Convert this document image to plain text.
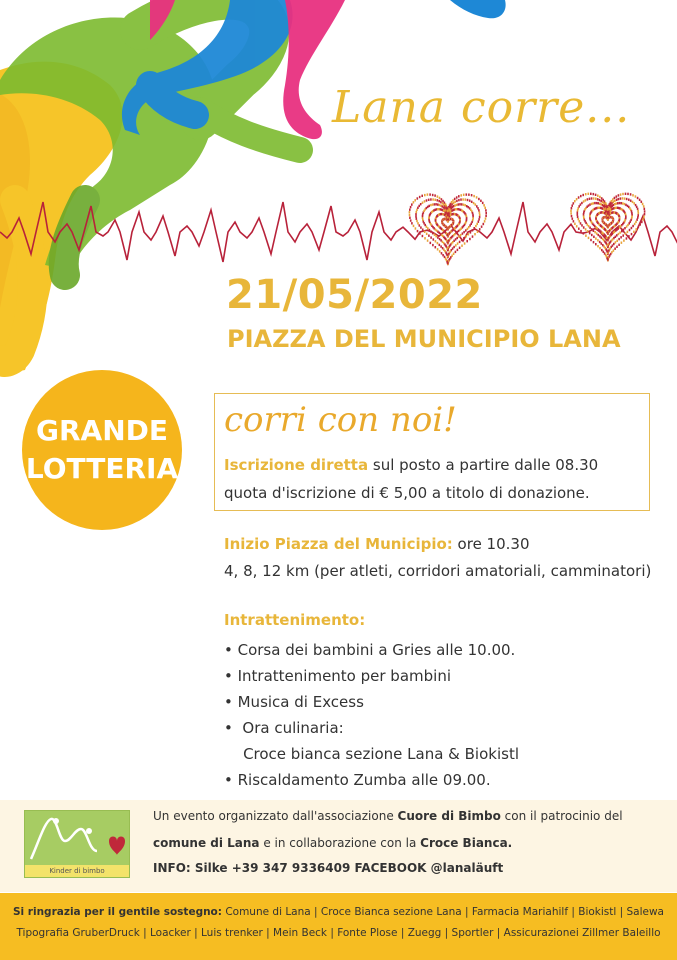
Lana corre...
21/05/2022
PIAZZA DEL MUNICIPIO LANA
GRANDE
LOTTERIA
corri con noi!
Iscrizione diretta sul posto a partire dalle 08.30
quota d'iscrizione di € 5,00 a titolo di donazione.
Inizio Piazza del Municipio: ore 10.30
4, 8, 12 km (per atleti, corridori amatoriali, camminatori)
Intrattenimento:
• Corsa dei bambini a Gries alle 10.00.
• Intrattenimento per bambini
• Musica di Excess
•  Ora culinaria:
Croce bianca sezione Lana & Biokistl
• Riscaldamento Zumba alle 09.00.
Kinder di bimbo
Un evento organizzato dall'associazione Cuore di Bimbo con il patrocinio del
comune di Lana e in collaborazione con la Croce Bianca.
INFO: Silke +39 347 9336409 FACEBOOK @lanaläuft
Si ringrazia per il gentile sostegno: Comune di Lana | Croce Bianca sezione Lana | Farmacia Mariahilf | Biokistl | Salewa
Tipografia GruberDruck | Loacker | Luis trenker | Mein Beck | Fonte Plose | Zuegg | Sportler | Assicurazionei Zillmer Baleillo
